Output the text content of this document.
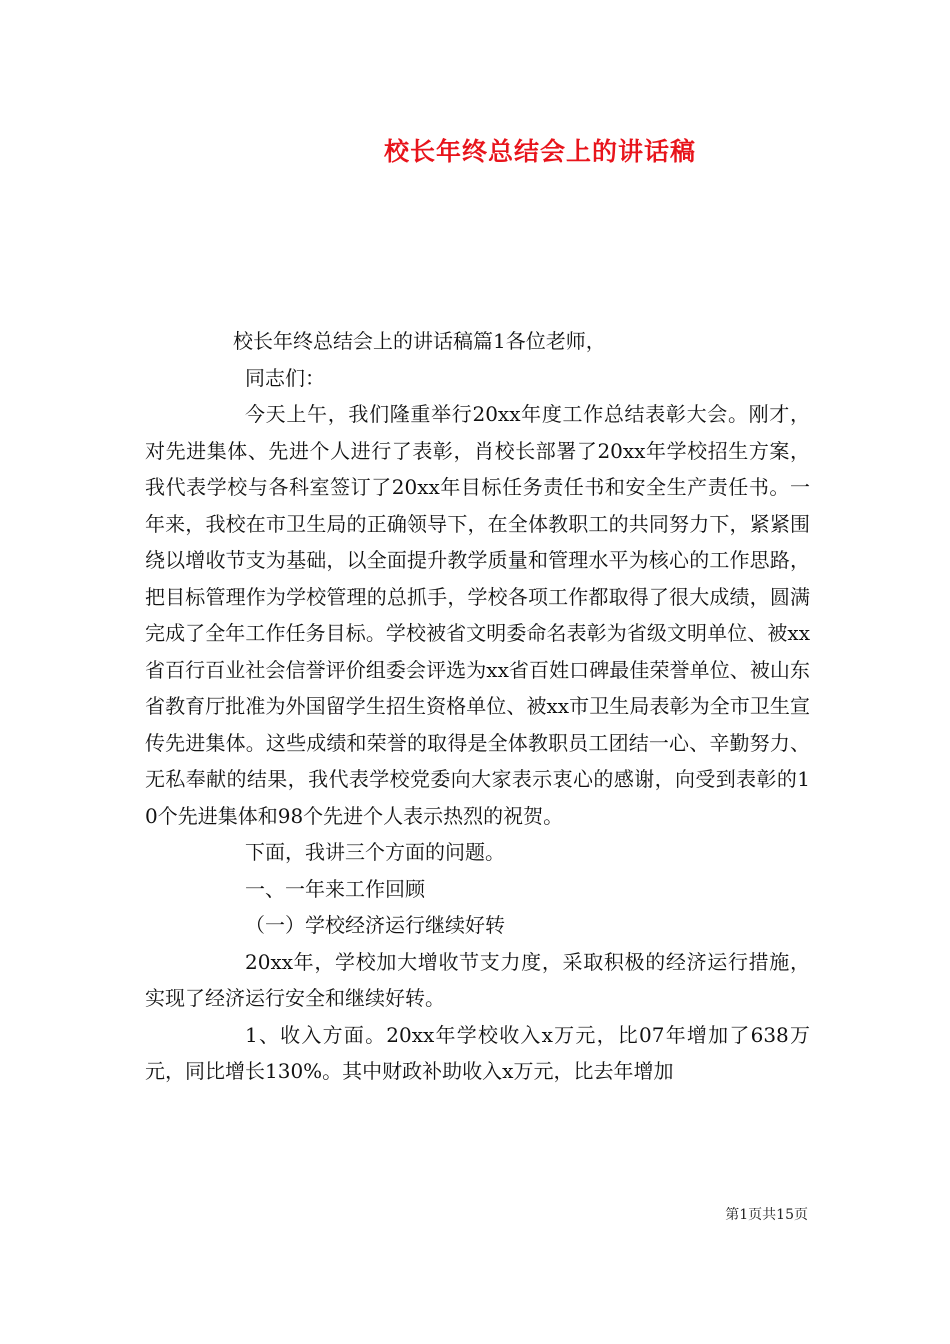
校长年终总结会上的讲话稿

校长年终总结会上的讲话稿篇1各位老师，

同志们：

今天上午，我们隆重举行20xx年度工作总结表彰大会。刚才，对先进集体、先进个人进行了表彰，肖校长部署了20xx年学校招生方案，我代表学校与各科室签订了20xx年目标任务责任书和安全生产责任书。一年来，我校在市卫生局的正确领导下，在全体教职工的共同努力下，紧紧围绕以增收节支为基础，以全面提升教学质量和管理水平为核心的工作思路，把目标管理作为学校管理的总抓手，学校各项工作都取得了很大成绩，圆满完成了全年工作任务目标。学校被省文明委命名表彰为省级文明单位、被xx省百行百业社会信誉评价组委会评选为xx省百姓口碑最佳荣誉单位、被山东省教育厅批准为外国留学生招生资格单位、被xx市卫生局表彰为全市卫生宣传先进集体。这些成绩和荣誉的取得是全体教职员工团结一心、辛勤努力、无私奉献的结果，我代表学校党委向大家表示衷心的感谢，向受到表彰的10个先进集体和98个先进个人表示热烈的祝贺。

下面，我讲三个方面的问题。

一、一年来工作回顾

（一）学校经济运行继续好转

20xx年，学校加大增收节支力度，采取积极的经济运行措施，实现了经济运行安全和继续好转。

1、收入方面。20xx年学校收入x万元，比07年增加了638万元，同比增长130%。其中财政补助收入x万元，比去年增加

第1页共15页
